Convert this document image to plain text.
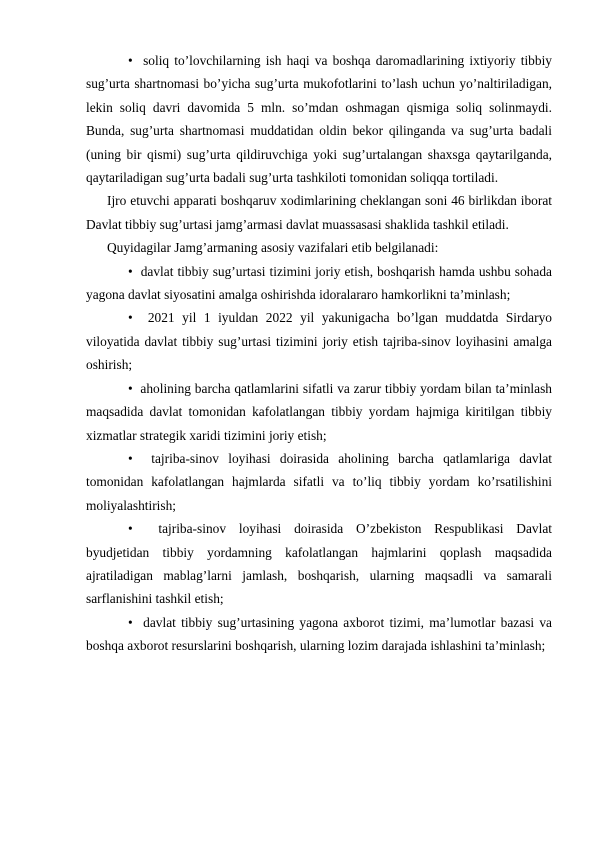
• soliq to’lovchilarning ish haqi va boshqa daromadlarining ixtiyoriy tibbiy sug’urta shartnomasi bo’yicha sug’urta mukofotlarini to’lash uchun yo’naltiriladigan, lekin soliq davri davomida 5 mln. so’mdan oshmagan qismiga soliq solinmaydi. Bunda, sug’urta shartnomasi muddatidan oldin bekor qilinganda va sug’urta badali (uning bir qismi) sug’urta qildiruvchiga yoki sug’urtalangan shaxsga qaytarilganda, qaytariladigan sug’urta badali sug’urta tashkiloti tomonidan soliqqa tortiladi.

Ijro etuvchi apparati boshqaruv xodimlarining cheklangan soni 46 birlikdan iborat Davlat tibbiy sug’urtasi jamg’armasi davlat muassasasi shaklida tashkil etiladi.

Quyidagilar Jamg’armaning asosiy vazifalari etib belgilanadi:

• davlat tibbiy sug’urtasi tizimini joriy etish, boshqarish hamda ushbu sohada yagona davlat siyosatini amalga oshirishda idoralararo hamkorlikni ta’minlash;

• 2021 yil 1 iyuldan 2022 yil yakunigacha bo’lgan muddatda Sirdaryo viloyatida davlat tibbiy sug’urtasi tizimini joriy etish tajriba-sinov loyihasini amalga oshirish;

• aholining barcha qatlamlarini sifatli va zarur tibbiy yordam bilan ta’minlash maqsadida davlat tomonidan kafolatlangan tibbiy yordam hajmiga kiritilgan tibbiy xizmatlar strategik xaridi tizimini joriy etish;

• tajriba-sinov loyihasi doirasida aholining barcha qatlamlariga davlat tomonidan kafolatlangan hajmlarda sifatli va to’liq tibbiy yordam ko’rsatilishini moliyalashtirish;

• tajriba-sinov loyihasi doirasida O’zbekiston Respublikasi Davlat byudjetidan tibbiy yordamning kafolatlangan hajmlarini qoplash maqsadida ajratiladigan mablag’larni jamlash, boshqarish, ularning maqsadli va samarali sarflanishini tashkil etish;

• davlat tibbiy sug’urtasining yagona axborot tizimi, ma’lumotlar bazasi va boshqa axborot resurslarini boshqarish, ularning lozim darajada ishlashini ta’minlash;
